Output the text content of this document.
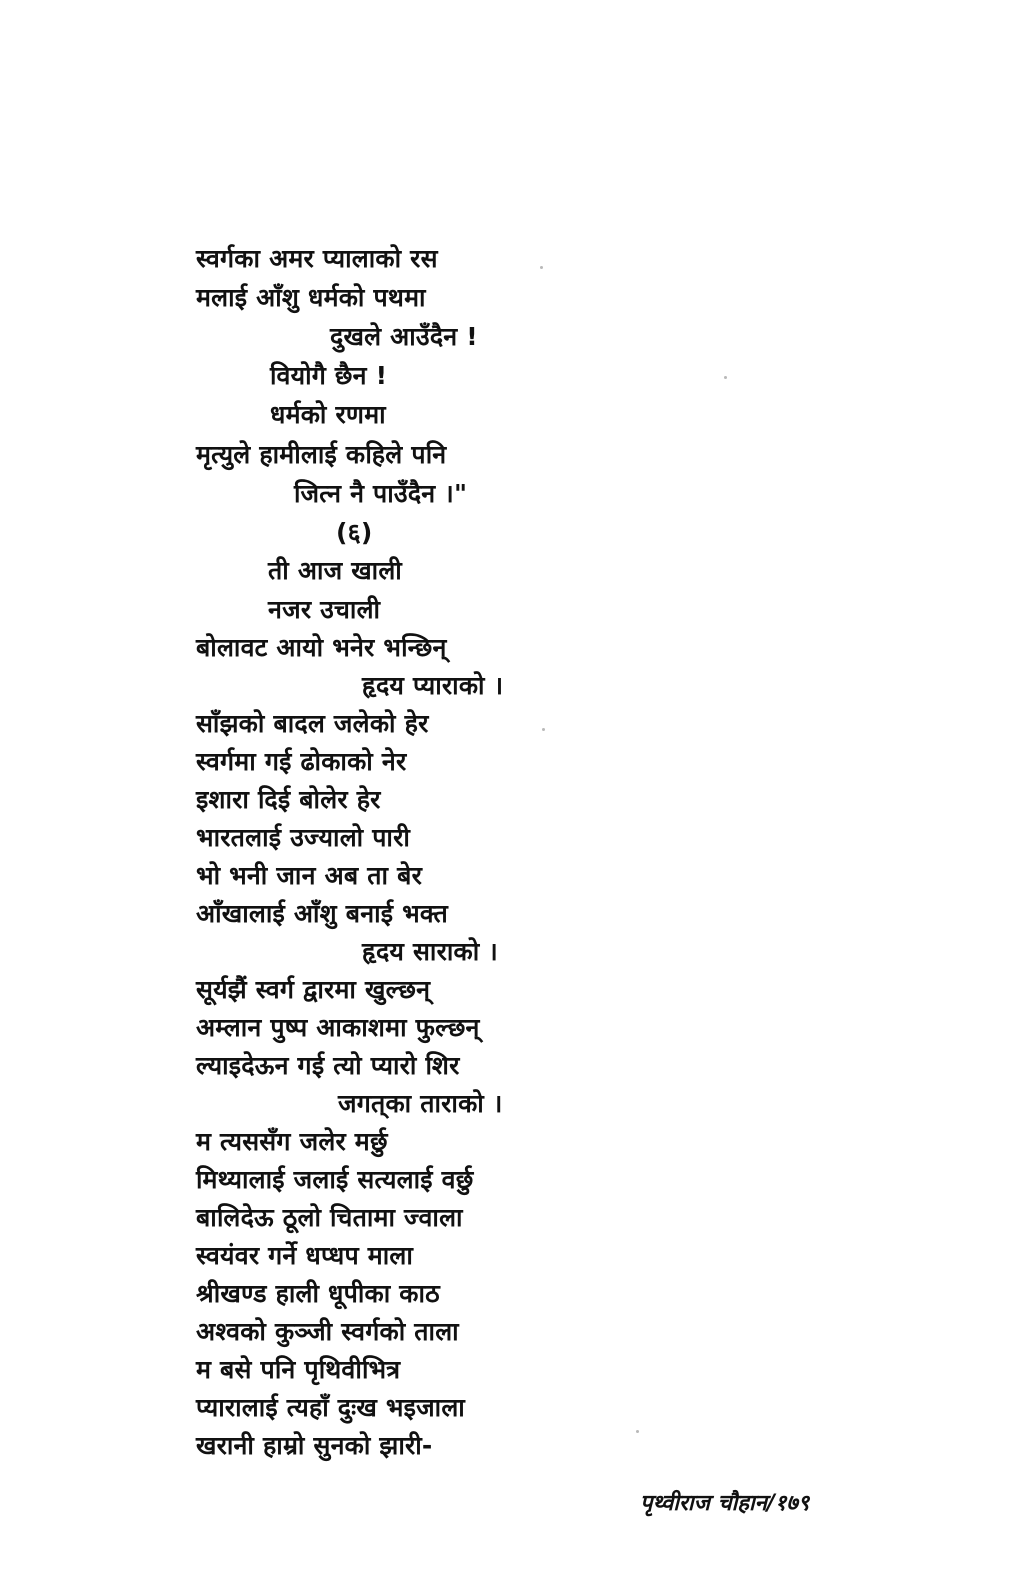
स्वर्गका अमर प्यालाको रस
मलाई आँशु धर्मको पथमा
दुखले आउँदैन !
वियोगै छैन !
धर्मको रणमा
मृत्युले हामीलाई कहिले पनि
जित्न नै पाउँदैन ।"
(६)
ती आज खाली
नजर उचाली
बोलावट आयो भनेर भन्छिन्
हृदय प्याराको ।
साँझको बादल जलेको हेर
स्वर्गमा गई ढोकाको नेर
इशारा दिई बोलेर हेर
भारतलाई उज्यालो पारी
भो भनी जान अब ता बेर
आँखालाई आँशु बनाई भक्त
हृदय साराको ।
सूर्यझैं स्वर्ग द्वारमा खुल्छन्
अम्लान पुष्प आकाशमा फुल्छन्
ल्याइदेऊन गई त्यो प्यारो शिर
जगत्‌का ताराको ।
म त्यससँग जलेर मर्छु
मिथ्यालाई जलाई सत्यलाई वर्छु
बालिदेऊ ठूलो चितामा ज्वाला
स्वयंवर गर्ने धप्धप माला
श्रीखण्ड हाली धूपीका काठ
अश्वको कुञ्जी स्वर्गको ताला
म बसे पनि पृथिवीभित्र
प्यारालाई त्यहाँ दुःख भइजाला
खरानी हाम्रो सुनको झारी-
पृथ्वीराज चौहान/१७९
